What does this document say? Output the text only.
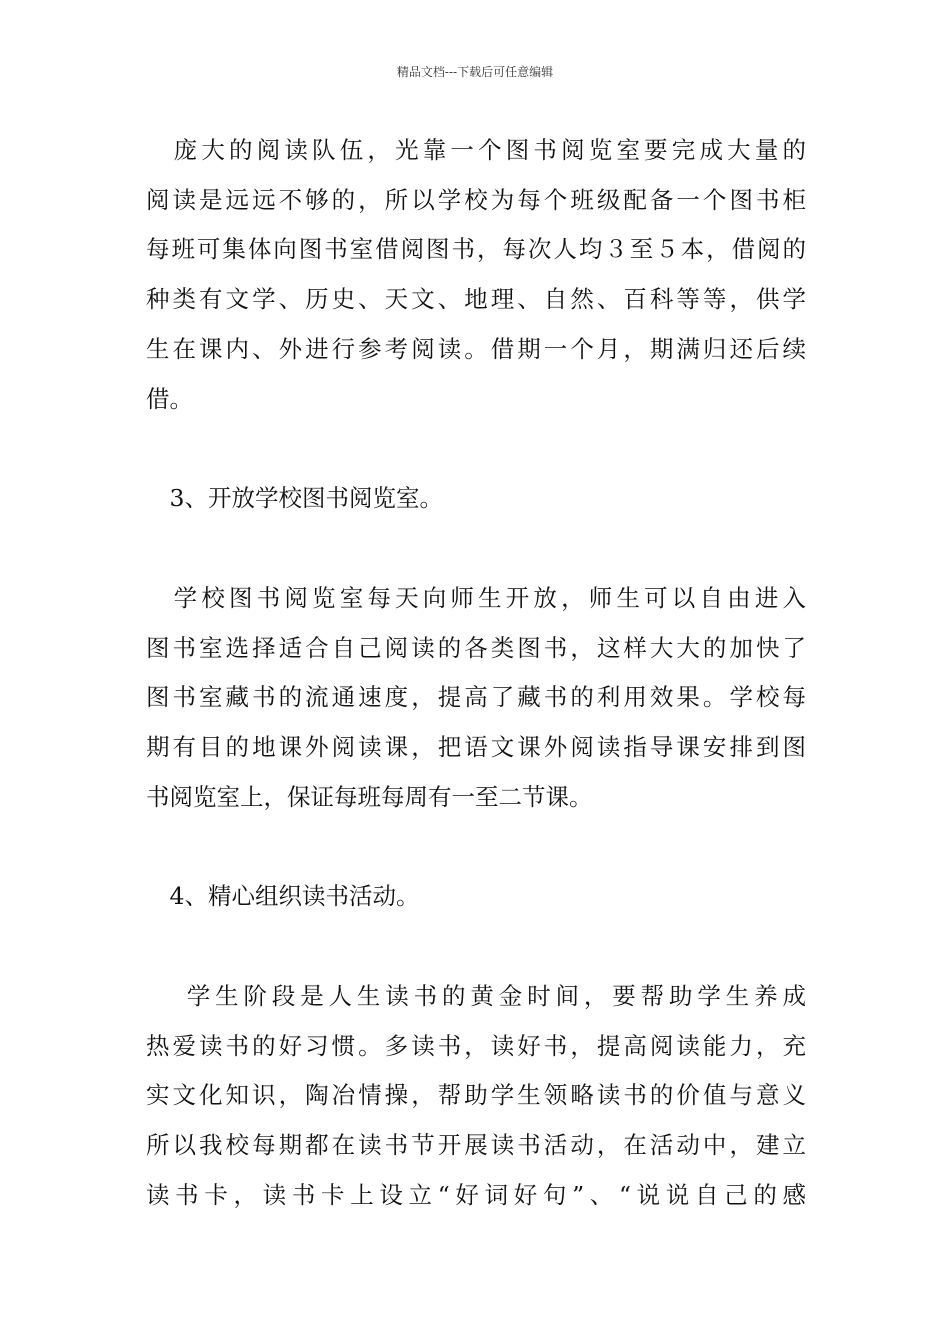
精品文档---下载后可任意编辑
　庞大的阅读队伍，光靠一个图书阅览室要完成大量的
阅读是远远不够的，所以学校为每个班级配备一个图书柜
每班可集体向图书室借阅图书，每次人均３至５本，借阅的
种类有文学、历史、天文、地理、自然、百科等等，供学
生在课内、外进行参考阅读。借期一个月，期满归还后续
借。
　3、开放学校图书阅览室。
　学校图书阅览室每天向师生开放，师生可以自由进入
图书室选择适合自己阅读的各类图书，这样大大的加快了
图书室藏书的流通速度，提高了藏书的利用效果。学校每
期有目的地课外阅读课，把语文课外阅读指导课安排到图
书阅览室上，保证每班每周有一至二节课。
　4、精心组织读书活动。
　 学生阶段是人生读书的黄金时间，要帮助学生养成
热爱读书的好习惯。多读书，读好书，提高阅读能力，充
实文化知识，陶冶情操，帮助学生领略读书的价值与意义
所以我校每期都在读书节开展读书活动，在活动中，建立
读书卡，读书卡上设立“好词好句”、“说说自己的感
